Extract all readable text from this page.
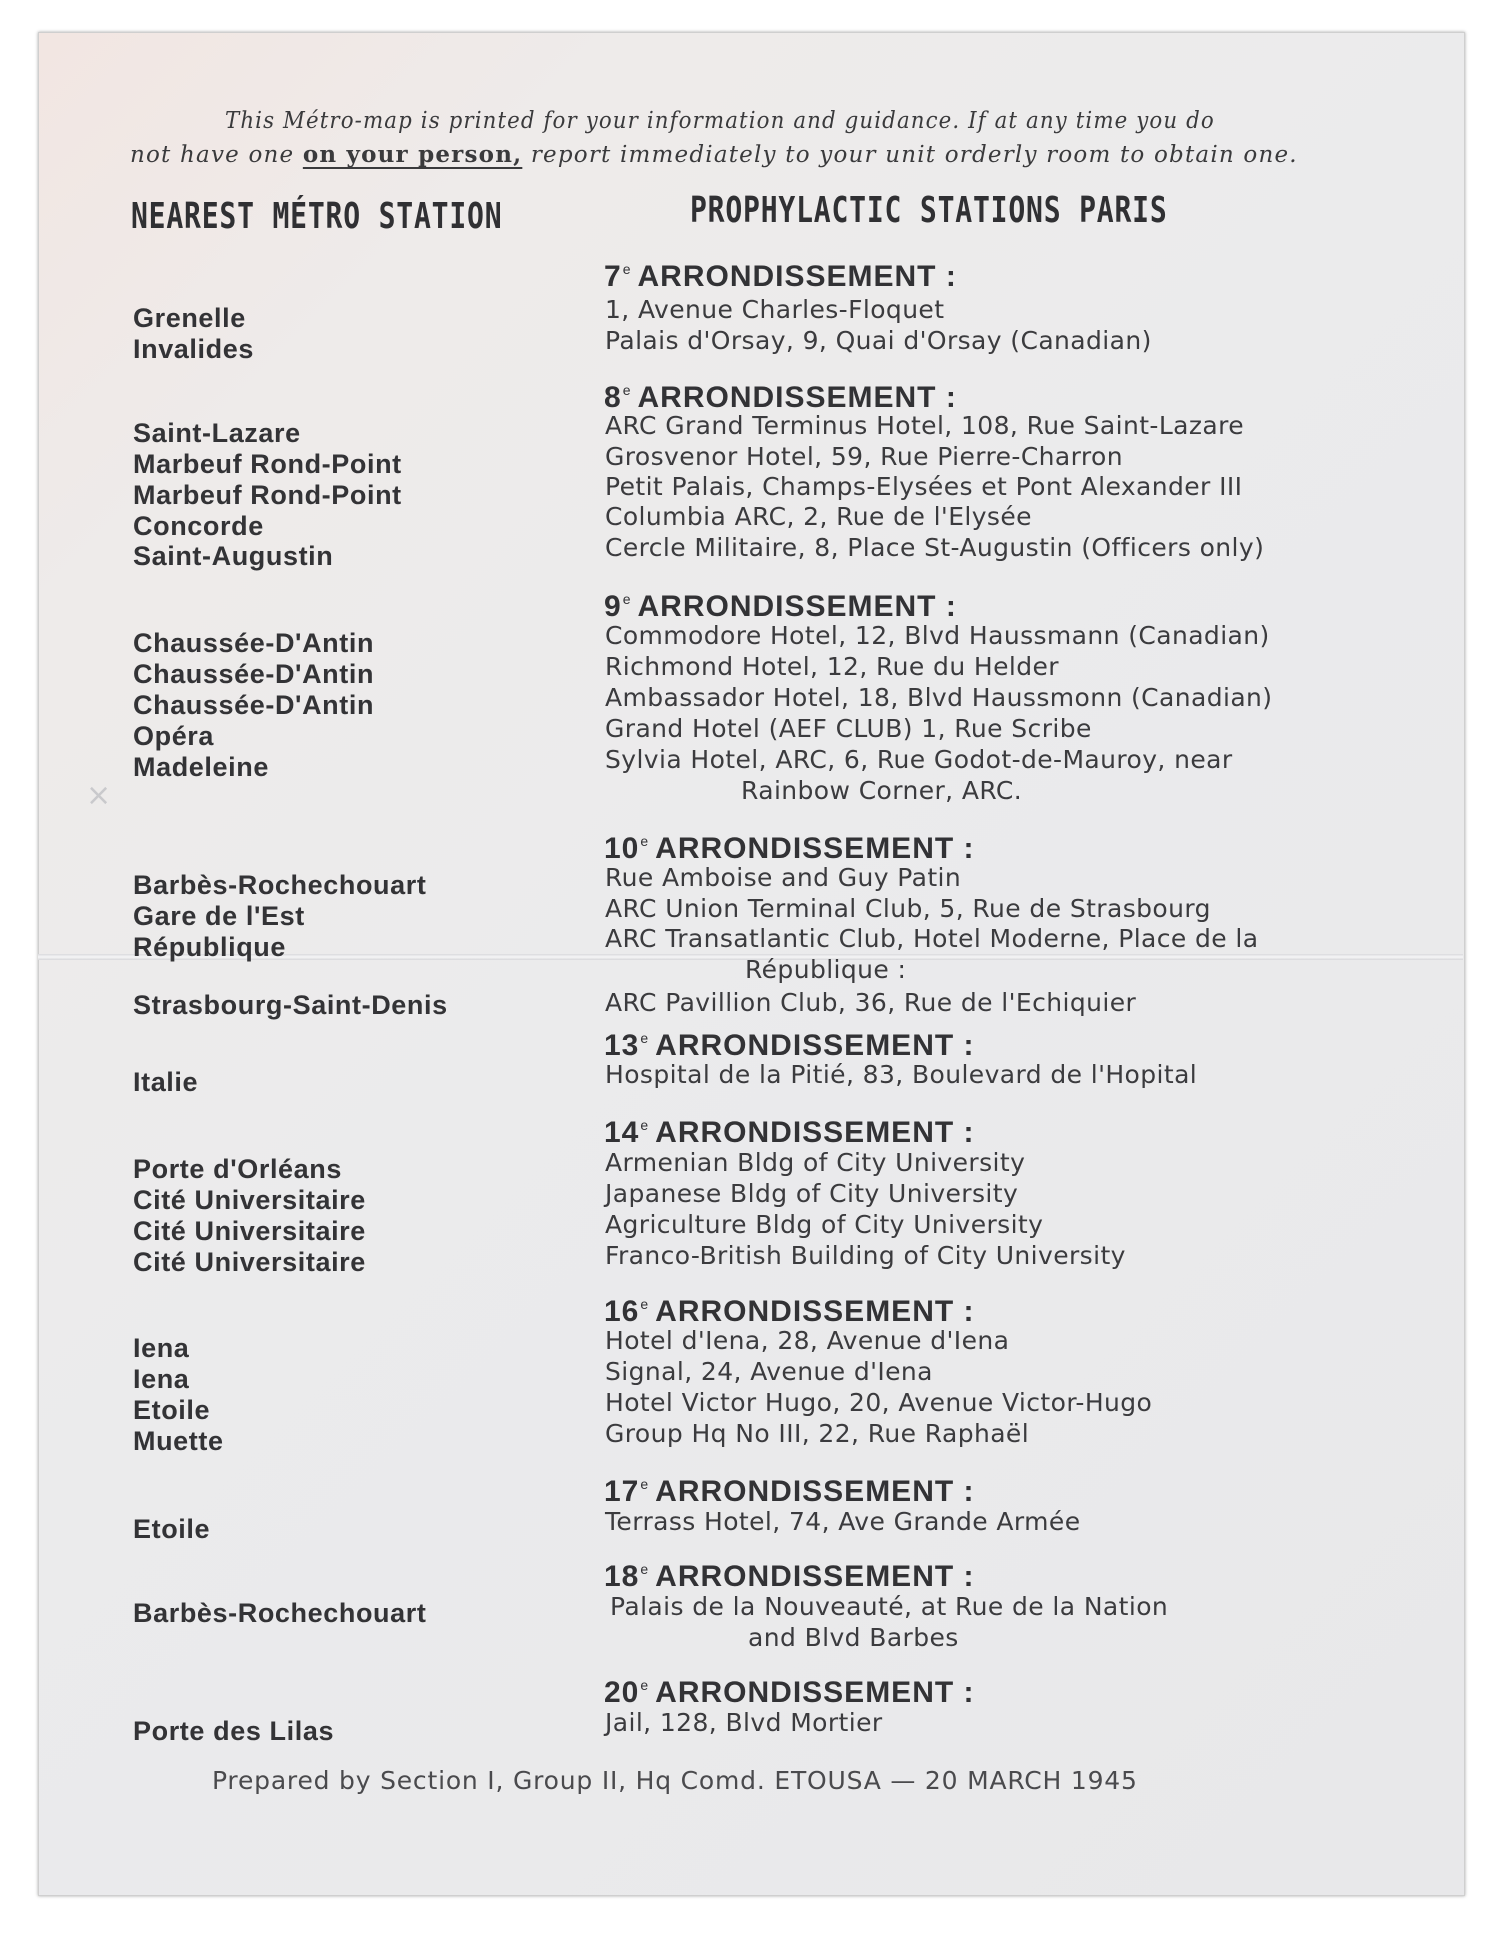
×
This Métro-map is printed for your information and guidance. If at any time you do
not have one on your person, report immediately to your unit orderly room to obtain one.
NEAREST MÉTRO STATION	PROPHYLACTIC STATIONS PARIS
7e ARRONDISSEMENT :
1, Avenue Charles-Floquet
Palais d'Orsay, 9, Quai d'Orsay (Canadian)
Grenelle
Invalides
8e ARRONDISSEMENT :
ARC Grand Terminus Hotel, 108, Rue Saint-Lazare
Grosvenor Hotel, 59, Rue Pierre-Charron
Petit Palais, Champs-Elysées et Pont Alexander III
Columbia ARC, 2, Rue de l'Elysée
Cercle Militaire, 8, Place St-Augustin (Officers only)
Saint-Lazare
Marbeuf Rond-Point
Marbeuf Rond-Point
Concorde
Saint-Augustin
9e ARRONDISSEMENT :
Commodore Hotel, 12, Blvd Haussmann (Canadian)
Richmond Hotel, 12, Rue du Helder
Ambassador Hotel, 18, Blvd Haussmonn (Canadian)
Grand Hotel (AEF CLUB) 1, Rue Scribe
Sylvia Hotel, ARC, 6, Rue Godot-de-Mauroy, near
Rainbow Corner, ARC.
Chaussée-D'Antin
Chaussée-D'Antin
Chaussée-D'Antin
Opéra
Madeleine
10e ARRONDISSEMENT :
Rue Amboise and Guy Patin
ARC Union Terminal Club, 5, Rue de Strasbourg
ARC Transatlantic Club, Hotel Moderne, Place de la
République :
ARC Pavillion Club, 36, Rue de l'Echiquier
Barbès-Rochechouart
Gare de l'Est
République
Strasbourg-Saint-Denis
13e ARRONDISSEMENT :
Hospital de la Pitié, 83, Boulevard de l'Hopital
Italie
14e ARRONDISSEMENT :
Armenian Bldg of City University
Japanese Bldg of City University
Agriculture Bldg of City University
Franco-British Building of City University
Porte d'Orléans
Cité Universitaire
Cité Universitaire
Cité Universitaire
16e ARRONDISSEMENT :
Hotel d'Iena, 28, Avenue d'Iena
Signal, 24, Avenue d'Iena
Hotel Victor Hugo, 20, Avenue Victor-Hugo
Group Hq No III, 22, Rue Raphaël
Iena
Iena
Etoile
Muette
17e ARRONDISSEMENT :
Terrass Hotel, 74, Ave Grande Armée
Etoile
18e ARRONDISSEMENT :
Palais de la Nouveauté, at Rue de la Nation
and Blvd Barbes
Barbès-Rochechouart
20e ARRONDISSEMENT :
Jail, 128, Blvd Mortier
Porte des Lilas
Prepared by Section I, Group II, Hq Comd. ETOUSA — 20 MARCH 1945
